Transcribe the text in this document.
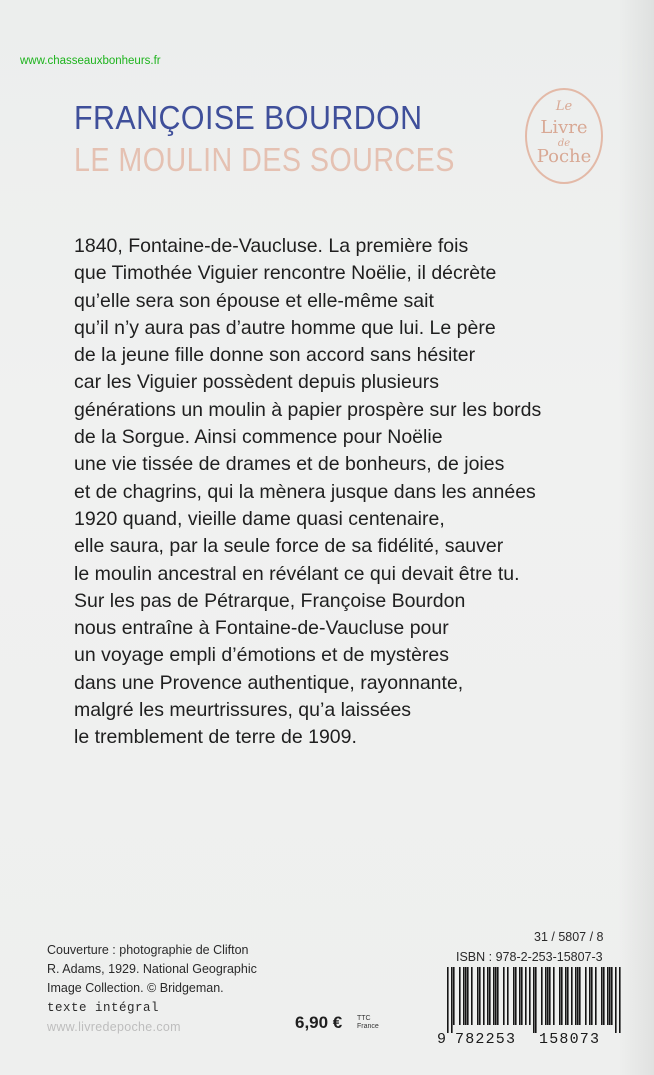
www.chasseauxbonheurs.fr
FRANÇOISE BOURDON
LE MOULIN DES SOURCES
Le
Livre
de
Poche
1840, Fontaine-de-Vaucluse. La première fois
que Timothée Viguier rencontre Noëlie, il décrète
qu’elle sera son épouse et elle-même sait
qu’il n’y aura pas d’autre homme que lui. Le père
de la jeune fille donne son accord sans hésiter
car les Viguier possèdent depuis plusieurs
générations un moulin à papier prospère sur les bords
de la Sorgue. Ainsi commence pour Noëlie
une vie tissée de drames et de bonheurs, de joies
et de chagrins, qui la mènera jusque dans les années
1920 quand, vieille dame quasi centenaire,
elle saura, par la seule force de sa fidélité, sauver
le moulin ancestral en révélant ce qui devait être tu.
Sur les pas de Pétrarque, Françoise Bourdon
nous entraîne à Fontaine-de-Vaucluse pour
un voyage empli d’émotions et de mystères
dans une Provence authentique, rayonnante,
malgré les meurtrissures, qu’a laissées
le tremblement de terre de 1909.
Couverture : photographie de Clifton
R. Adams, 1929. National Geographic
Image Collection. © Bridgeman.
texte intégral
www.livredepoche.com	6,90 € TTC
France
31 / 5807 / 8
ISBN : 978-2-253-15807-3
9 782253 158073
